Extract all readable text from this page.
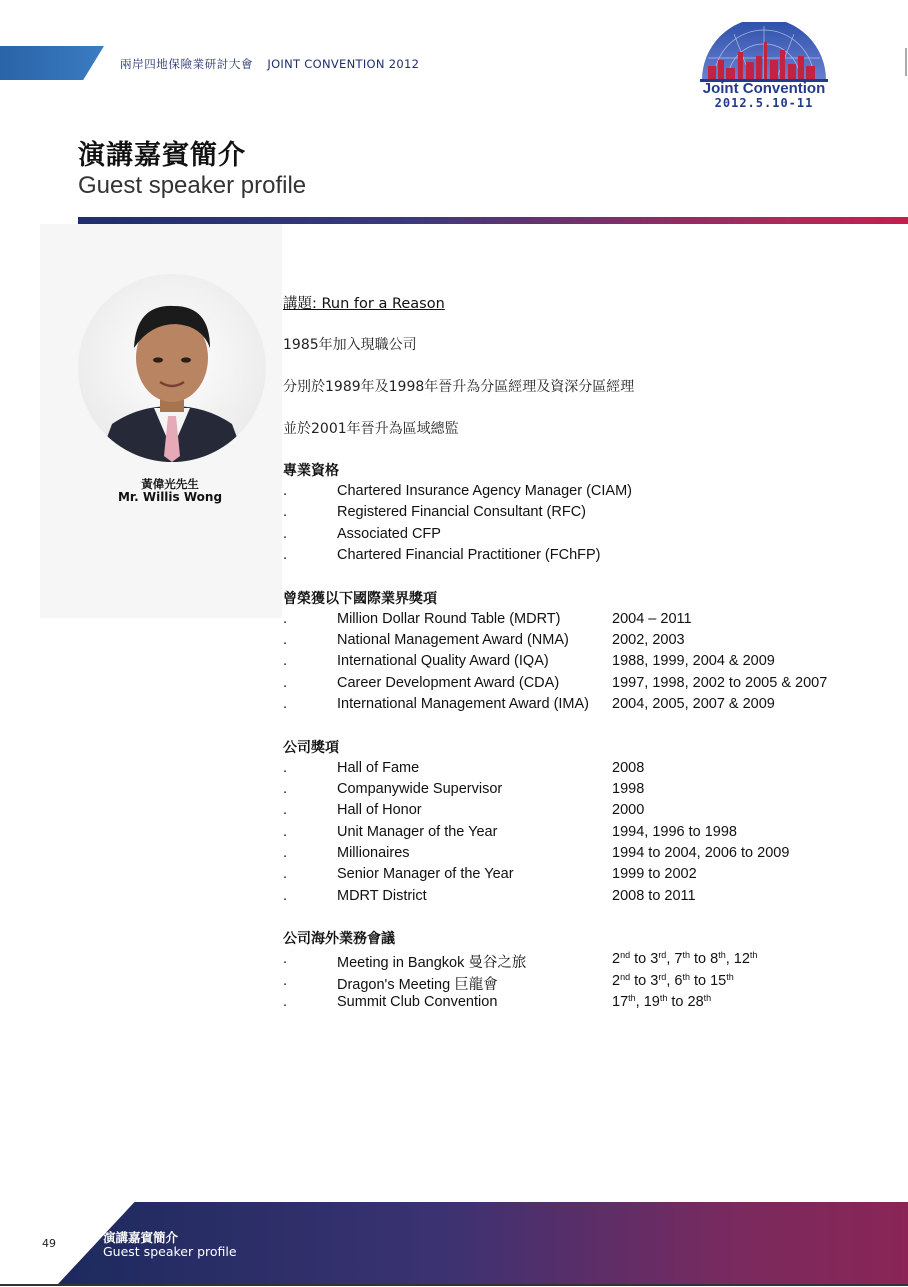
兩岸四地保險業研討大會 JOINT CONVENTION 2012
Joint Convention
2012.5.10-11
演講嘉賓簡介
Guest speaker profile
黃偉光先生
Mr. Willis Wong
講題: Run for a Reason
1985年加入現職公司
分別於1989年及1998年晉升為分區經理及資深分區經理
並於2001年晉升為區域總監
專業資格
.	Chartered Insurance Agency Manager (CIAM)
.	Registered Financial Consultant (RFC)
.	Associated CFP
.	Chartered Financial Practitioner (FChFP)
曾榮獲以下國際業界獎項
.	Million Dollar Round Table (MDRT)	2004 – 2011
.	National Management Award (NMA)	2002, 2003
.	International Quality Award (IQA)	1988, 1999, 2004 & 2009
.	Career Development Award (CDA)	1997, 1998, 2002 to 2005 & 2007
.	International Management Award (IMA) 2004, 2005, 2007 & 2009
公司獎項
.	Hall of Fame	2008
.	Companywide Supervisor	1998
.	Hall of Honor	2000
.	Unit Manager of the Year	1994, 1996 to 1998
.	Millionaires	1994 to 2004, 2006 to 2009
.	Senior Manager of the Year	1999 to 2002
.	MDRT District	2008 to 2011
公司海外業務會議
.	Meeting in Bangkok 曼谷之旅	2nd to 3rd, 7th to 8th, 12th
.	Dragon's Meeting 巨龍會	2nd to 3rd, 6th to 15th
.	Summit Club Convention	17th, 19th to 28th
49	演講嘉賓簡介
Guest speaker profile
